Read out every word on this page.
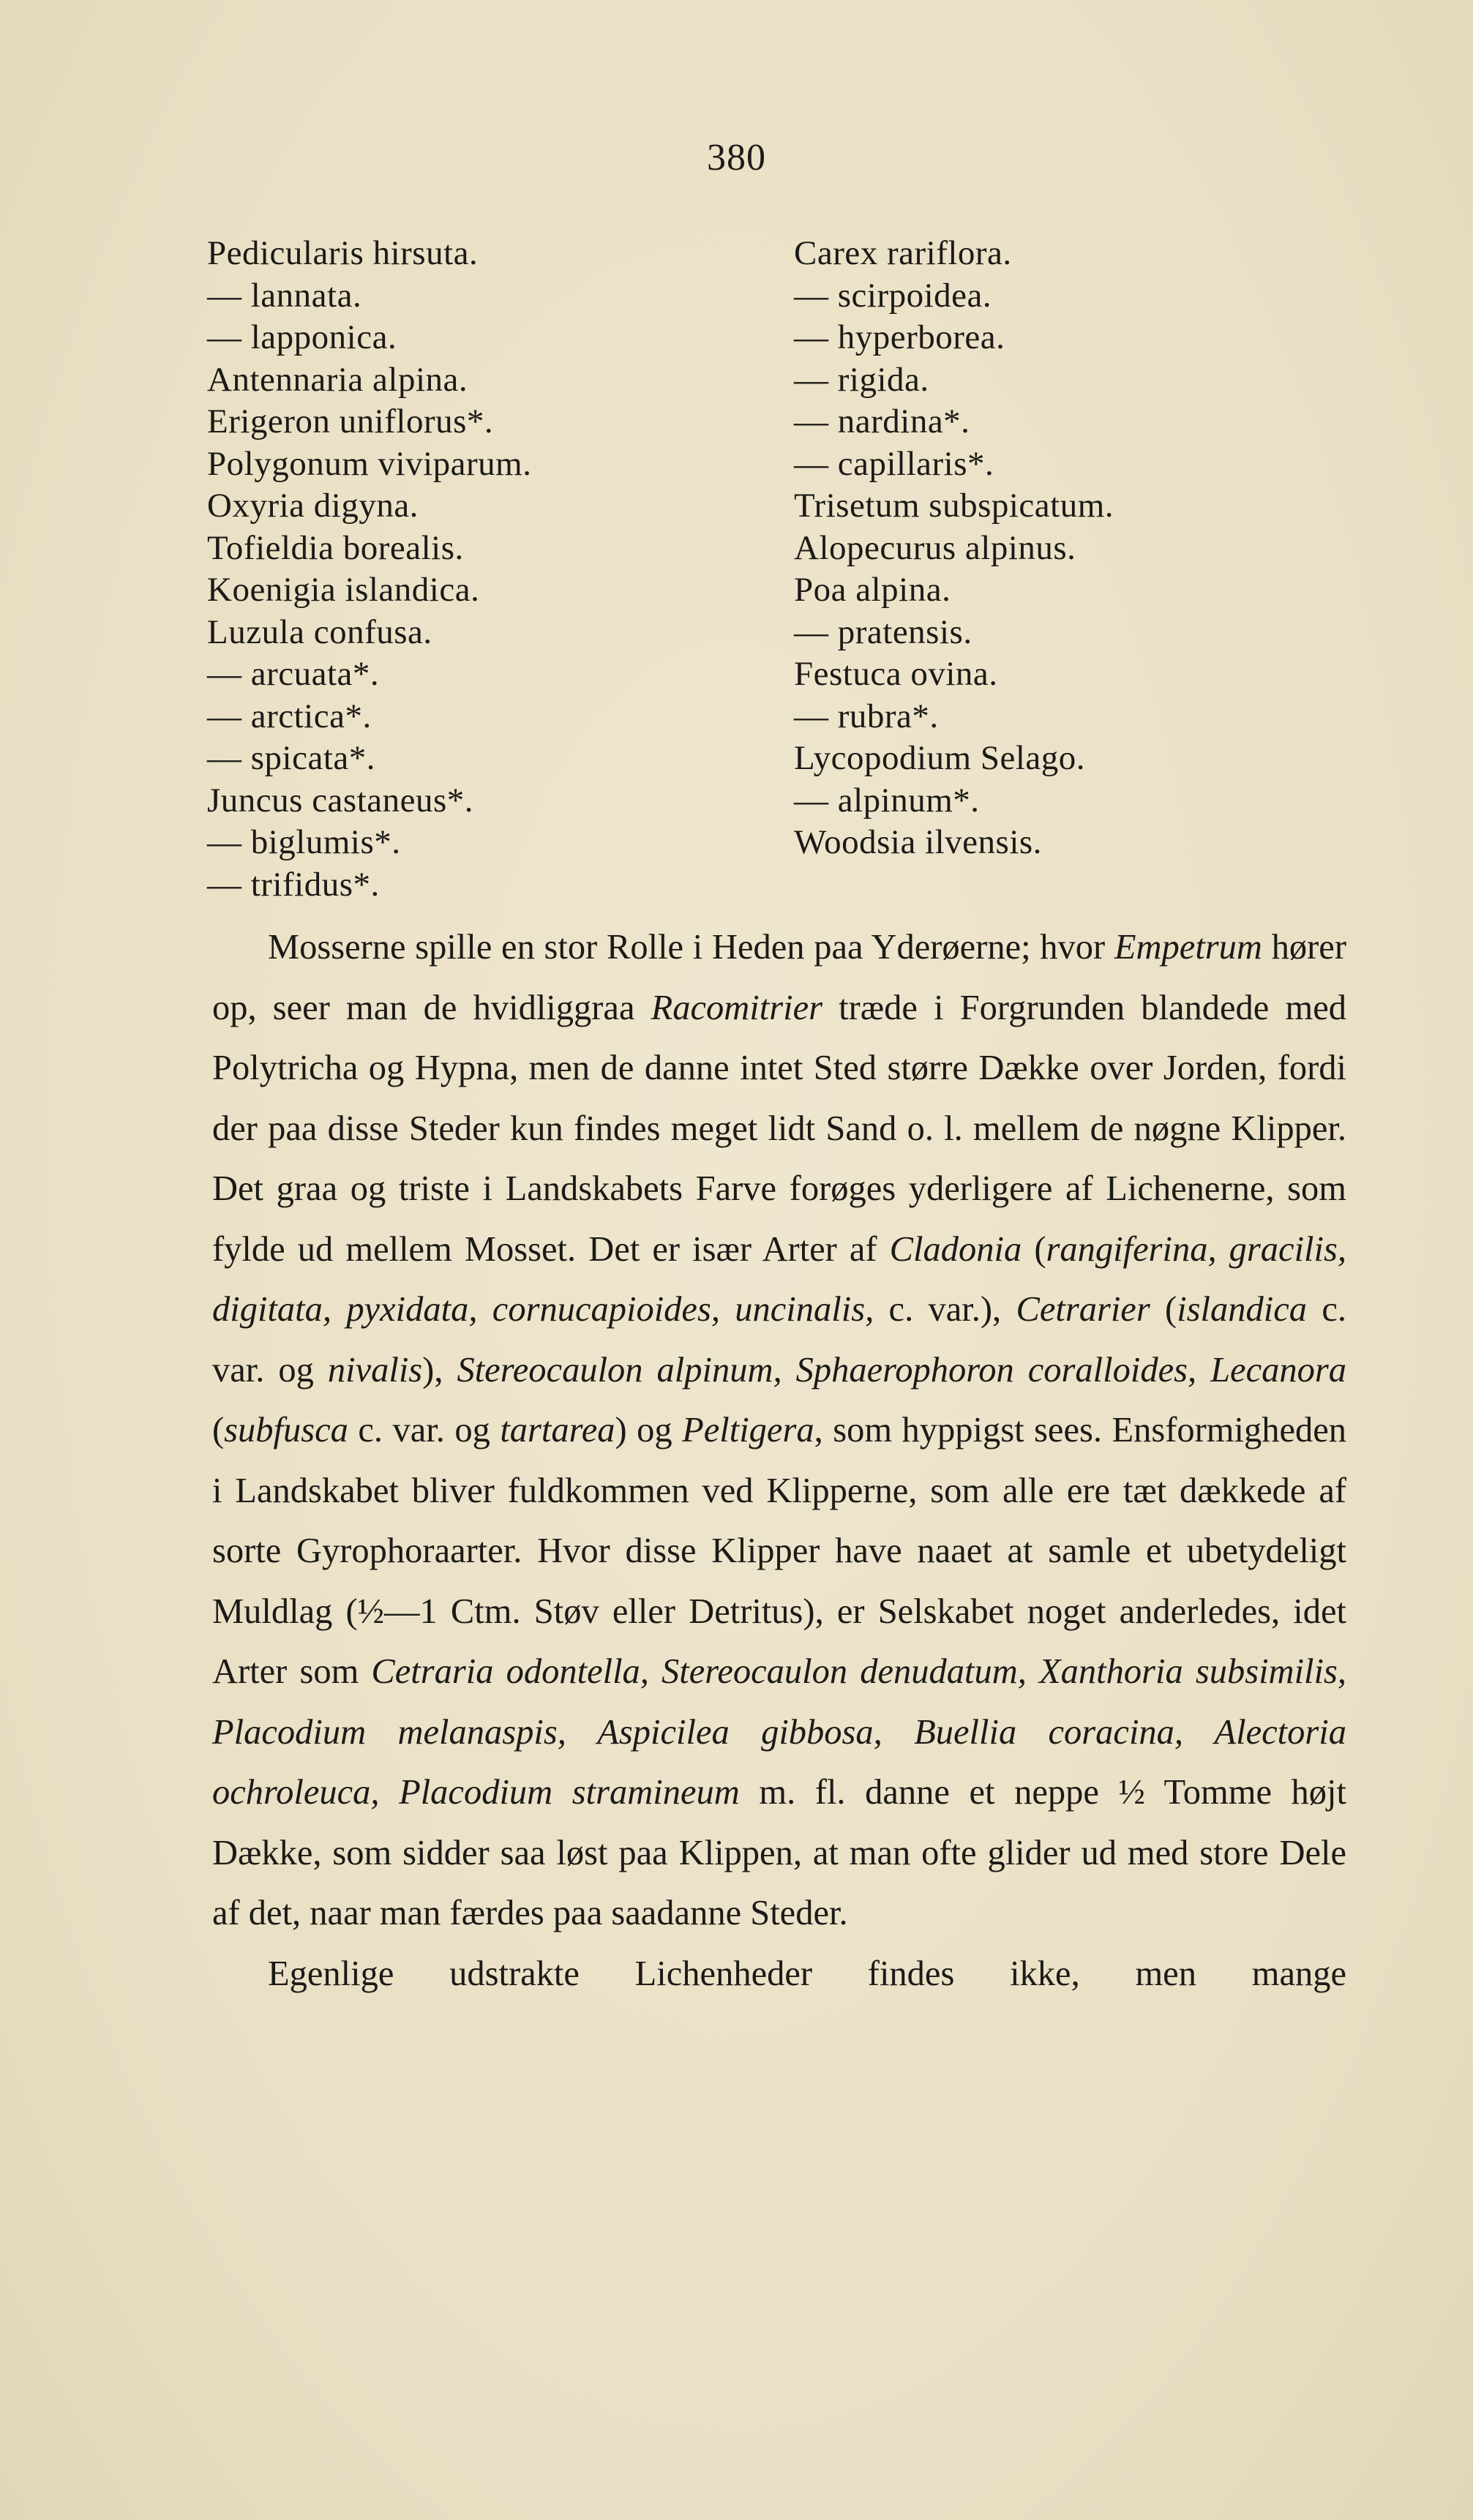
380
Pedicularis hirsuta.
— lannata.
— lapponica.
Antennaria alpina.
Erigeron uniflorus*.
Polygonum viviparum.
Oxyria digyna.
Tofieldia borealis.
Koenigia islandica.
Luzula confusa.
— arcuata*.
— arctica*.
— spicata*.
Juncus castaneus*.
— biglumis*.
— trifidus*.
Carex rariflora.
— scirpoidea.
— hyperborea.
— rigida.
— nardina*.
— capillaris*.
Trisetum subspicatum.
Alopecurus alpinus.
Poa alpina.
— pratensis.
Festuca ovina.
— rubra*.
Lycopodium Selago.
— alpinum*.
Woodsia ilvensis.

Mosserne spille en stor Rolle i Heden paa Yderøerne; hvor Empetrum hører op, seer man de hvidliggraa Racomitrier træde i Forgrunden blandede med Polytricha og Hypna, men de danne intet Sted større Dække over Jorden, fordi der paa disse Steder kun findes meget lidt Sand o. l. mellem de nøgne Klipper. Det graa og triste i Landskabets Farve forøges yderligere af Lichenerne, som fylde ud mellem Mosset. Det er især Arter af Cladonia (rangiferina, gracilis, digitata, pyxidata, cornucapioides, uncinalis, c. var.), Cetrarier (islandica c. var. og nivalis), Stereocaulon alpinum, Sphaerophoron coralloides, Lecanora (subfusca c. var. og tartarea) og Peltigera, som hyppigst sees. Ensformigheden i Landskabet bliver fuldkommen ved Klipperne, som alle ere tæt dækkede af sorte Gyrophoraarter. Hvor disse Klipper have naaet at samle et ubetydeligt Muldlag (½—1 Ctm. Støv eller Detritus), er Selskabet noget anderledes, idet Arter som Cetraria odontella, Stereocaulon denudatum, Xanthoria subsimilis, Placodium melanaspis, Aspicilea gibbosa, Buellia coracina, Alectoria ochroleuca, Placodium stramineum m. fl. danne et neppe ½ Tomme højt Dække, som sidder saa løst paa Klippen, at man ofte glider ud med store Dele af det, naar man færdes paa saadanne Steder.

Egenlige udstrakte Lichenheder findes ikke, men mange
